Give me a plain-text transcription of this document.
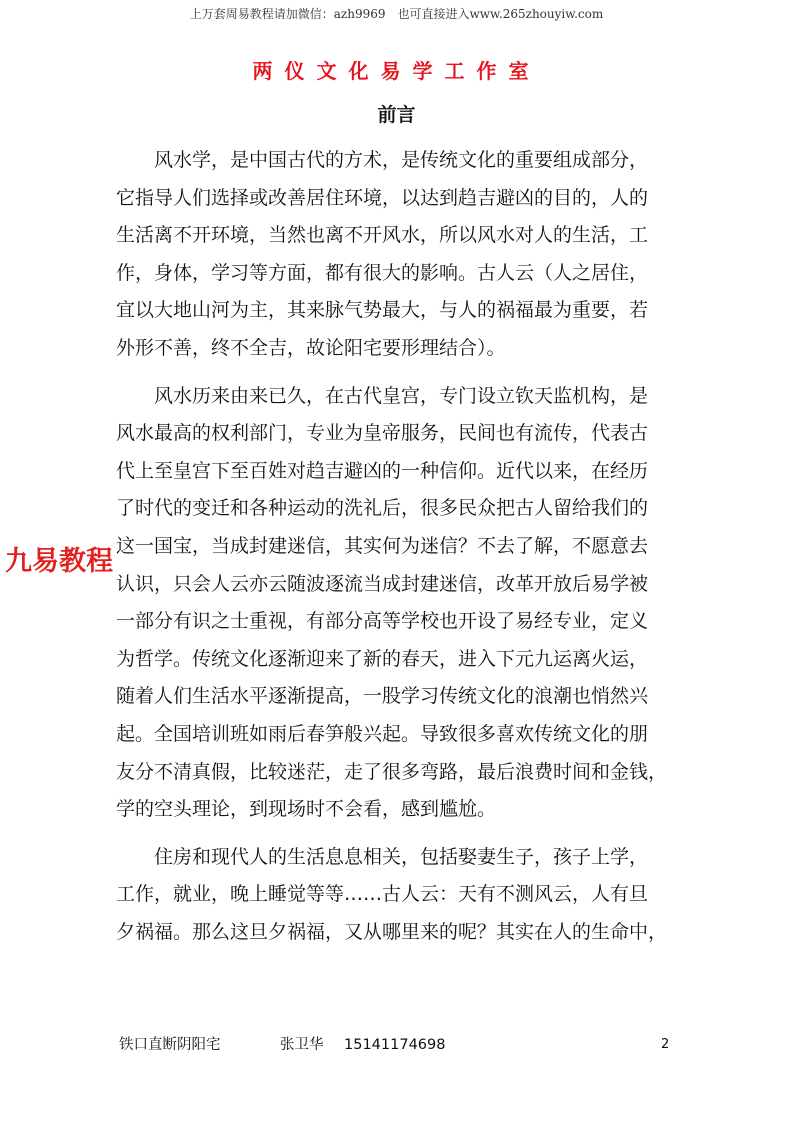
上万套周易教程请加微信：azh9969　也可直接进入www.265zhouyiw.com
两仪文化易学工作室
前言
　　风水学，是中国古代的方术，是传统文化的重要组成部分，
它指导人们选择或改善居住环境，以达到趋吉避凶的目的，人的
生活离不开环境，当然也离不开风水，所以风水对人的生活，工
作，身体，学习等方面，都有很大的影响。古人云（人之居住，
宜以大地山河为主，其来脉气势最大，与人的祸福最为重要，若
外形不善，终不全吉，故论阳宅要形理结合）。
　　风水历来由来已久，在古代皇宫，专门设立钦天监机构，是
风水最高的权利部门，专业为皇帝服务，民间也有流传，代表古
代上至皇宫下至百姓对趋吉避凶的一种信仰。近代以来，在经历
了时代的变迁和各种运动的洗礼后，很多民众把古人留给我们的
这一国宝，当成封建迷信，其实何为迷信？不去了解，不愿意去
认识，只会人云亦云随波逐流当成封建迷信，改革开放后易学被
一部分有识之士重视，有部分高等学校也开设了易经专业，定义
为哲学。传统文化逐渐迎来了新的春天，进入下元九运离火运，
随着人们生活水平逐渐提高，一股学习传统文化的浪潮也悄然兴
起。全国培训班如雨后春笋般兴起。导致很多喜欢传统文化的朋
友分不清真假，比较迷茫，走了很多弯路，最后浪费时间和金钱，
学的空头理论，到现场时不会看，感到尴尬。
　　住房和现代人的生活息息相关，包括娶妻生子，孩子上学，
工作，就业，晚上睡觉等等……古人云：天有不测风云，人有旦
夕祸福。那么这旦夕祸福，又从哪里来的呢？其实在人的生命中，
九易教程
铁口直断阴阳宅	张卫华 15141174698	2
